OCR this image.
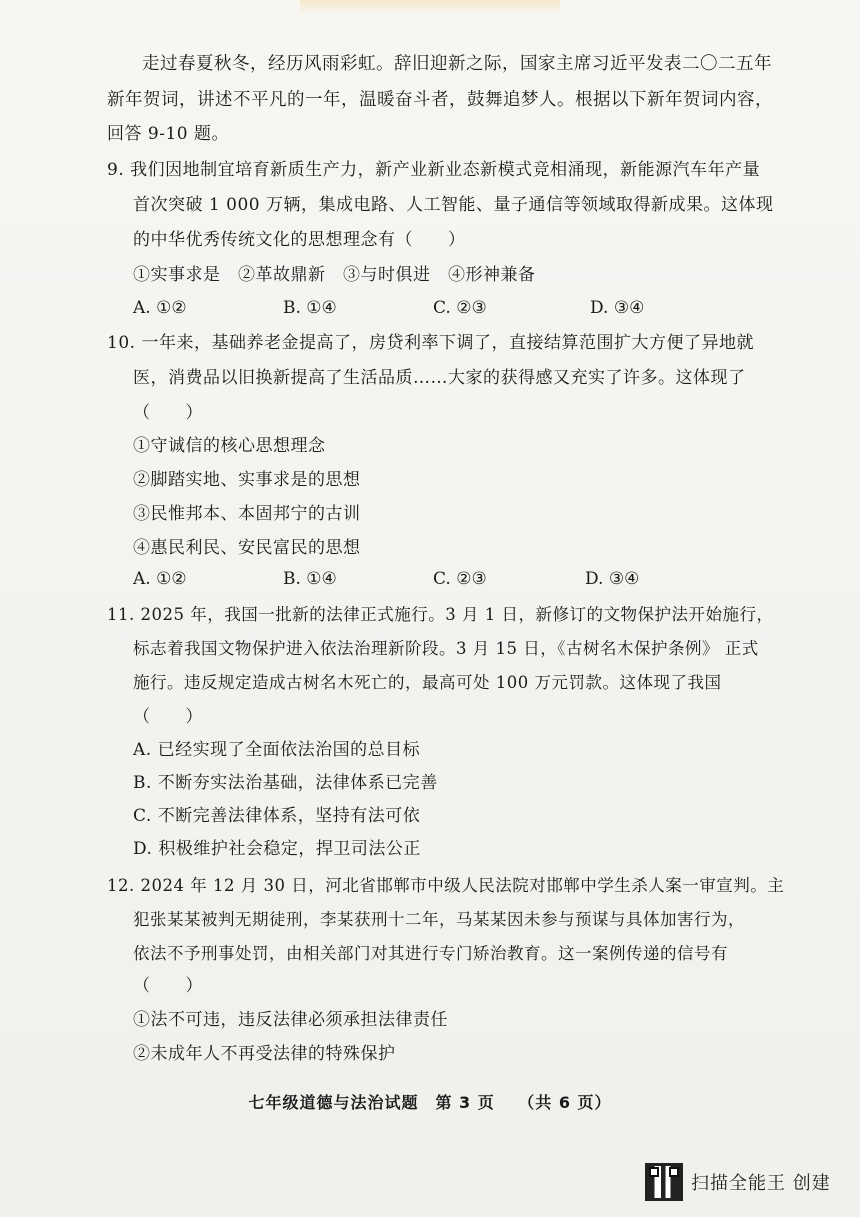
走过春夏秋冬，经历风雨彩虹。辞旧迎新之际，国家主席习近平发表二〇二五年
新年贺词，讲述不平凡的一年，温暖奋斗者，鼓舞追梦人。根据以下新年贺词内容，
回答 9-10 题。
9. 我们因地制宜培育新质生产力，新产业新业态新模式竞相涌现，新能源汽车年产量
首次突破 1 000 万辆，集成电路、人工智能、量子通信等领域取得新成果。这体现
的中华优秀传统文化的思想理念有（　　）
①实事求是　②革故鼎新　③与时俱进　④形神兼备
A. ①②	B. ①④	C. ②③	D. ③④
10. 一年来，基础养老金提高了，房贷利率下调了，直接结算范围扩大方便了异地就
医，消费品以旧换新提高了生活品质……大家的获得感又充实了许多。这体现了
（　　）
①守诚信的核心思想理念
②脚踏实地、实事求是的思想
③民惟邦本、本固邦宁的古训
④惠民利民、安民富民的思想
A. ①②	B. ①④	C. ②③	D. ③④
11. 2025 年，我国一批新的法律正式施行。3 月 1 日，新修订的文物保护法开始施行，
标志着我国文物保护进入依法治理新阶段。3 月 15 日，《古树名木保护条例》 正式
施行。违反规定造成古树名木死亡的，最高可处 100 万元罚款。这体现了我国
（　　）
A. 已经实现了全面依法治国的总目标
B. 不断夯实法治基础，法律体系已完善
C. 不断完善法律体系，坚持有法可依
D. 积极维护社会稳定，捍卫司法公正
12. 2024 年 12 月 30 日，河北省邯郸市中级人民法院对邯郸中学生杀人案一审宣判。主
犯张某某被判无期徒刑，李某获刑十二年，马某某因未参与预谋与具体加害行为，
依法不予刑事处罚，由相关部门对其进行专门矫治教育。这一案例传递的信号有
（　　）
①法不可违，违反法律必须承担法律责任
②未成年人不再受法律的特殊保护
七年级道德与法治试题　第 3 页　 （共 6 页）
扫描全能王 创建
